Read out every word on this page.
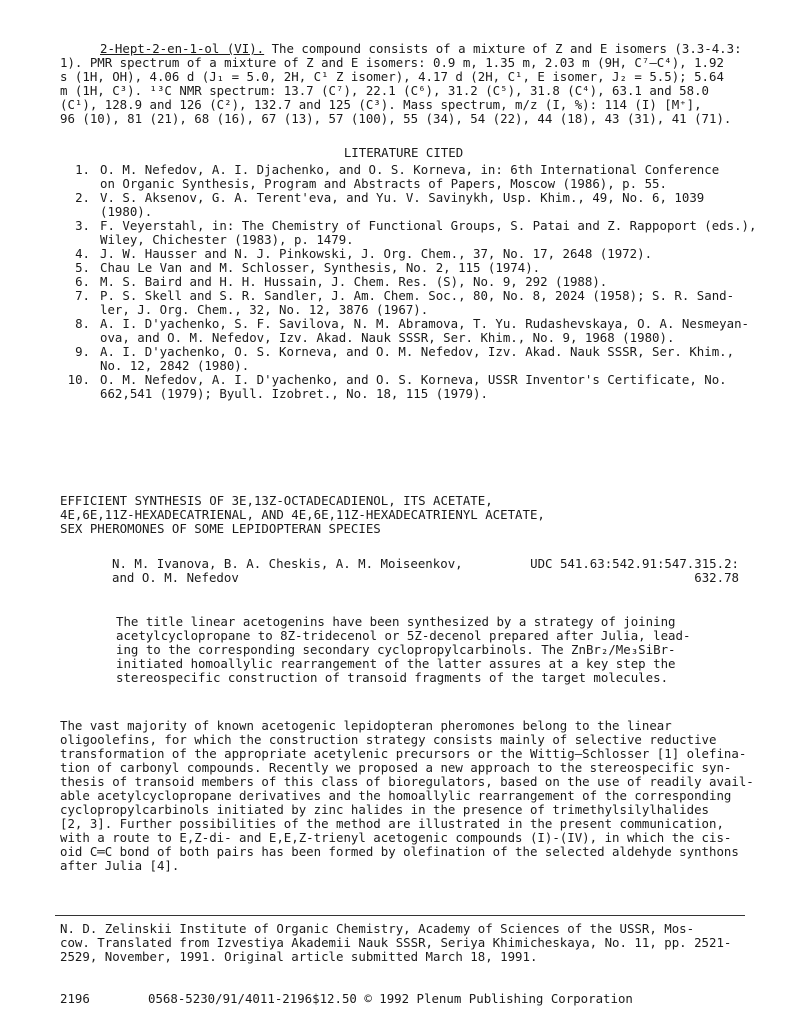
2-Hept-2-en-1-ol (VI). The compound consists of a mixture of Z and E isomers (3.3-4.3:
1). PMR spectrum of a mixture of Z and E isomers: 0.9 m, 1.35 m, 2.03 m (9H, C⁷—C⁴), 1.92
s (1H, OH), 4.06 d (J₁ = 5.0, 2H, C¹ Z isomer), 4.17 d (2H, C¹, E isomer, J₂ = 5.5); 5.64
m (1H, C³). ¹³C NMR spectrum: 13.7 (C⁷), 22.1 (C⁶), 31.2 (C⁵), 31.8 (C⁴), 63.1 and 58.0
(C¹), 128.9 and 126 (C²), 132.7 and 125 (C³). Mass spectrum, m/z (I, %): 114 (I) [M⁺],
96 (10), 81 (21), 68 (16), 67 (13), 57 (100), 55 (34), 54 (22), 44 (18), 43 (31), 41 (71).
LITERATURE CITED
1. O. M. Nefedov, A. I. Djachenko, and O. S. Korneva, in: 6th International Conference
on Organic Synthesis, Program and Abstracts of Papers, Moscow (1986), p. 55.
2. V. S. Aksenov, G. A. Terent'eva, and Yu. V. Savinykh, Usp. Khim., 49, No. 6, 1039
(1980).
3. F. Veyerstahl, in: The Chemistry of Functional Groups, S. Patai and Z. Rappoport (eds.),
Wiley, Chichester (1983), p. 1479.
4. J. W. Hausser and N. J. Pinkowski, J. Org. Chem., 37, No. 17, 2648 (1972).
5. Chau Le Van and M. Schlosser, Synthesis, No. 2, 115 (1974).
6. M. S. Baird and H. H. Hussain, J. Chem. Res. (S), No. 9, 292 (1988).
7. P. S. Skell and S. R. Sandler, J. Am. Chem. Soc., 80, No. 8, 2024 (1958); S. R. Sand-
ler, J. Org. Chem., 32, No. 12, 3876 (1967).
8. A. I. D'yachenko, S. F. Savilova, N. M. Abramova, T. Yu. Rudashevskaya, O. A. Nesmeyan-
ova, and O. M. Nefedov, Izv. Akad. Nauk SSSR, Ser. Khim., No. 9, 1968 (1980).
9. A. I. D'yachenko, O. S. Korneva, and O. M. Nefedov, Izv. Akad. Nauk SSSR, Ser. Khim.,
No. 12, 2842 (1980).
10. O. M. Nefedov, A. I. D'yachenko, and O. S. Korneva, USSR Inventor's Certificate, No.
662,541 (1979); Byull. Izobret., No. 18, 115 (1979).
EFFICIENT SYNTHESIS OF 3E,13Z-OCTADECADIENOL, ITS ACETATE,
4E,6E,11Z-HEXADECATRIENAL, AND 4E,6E,11Z-HEXADECATRIENYL ACETATE,
SEX PHEROMONES OF SOME LEPIDOPTERAN SPECIES
N. M. Ivanova, B. A. Cheskis, A. M. Moiseenkov,
and O. M. Nefedov
UDC 541.63:542.91:547.315.2:
632.78
The title linear acetogenins have been synthesized by a strategy of joining
acetylcyclopropane to 8Z-tridecenol or 5Z-decenol prepared after Julia, lead-
ing to the corresponding secondary cyclopropylcarbinols. The ZnBr₂/Me₃SiBr-
initiated homoallylic rearrangement of the latter assures at a key step the
stereospecific construction of transoid fragments of the target molecules.
The vast majority of known acetogenic lepidopteran pheromones belong to the linear
oligoolefins, for which the construction strategy consists mainly of selective reductive
transformation of the appropriate acetylenic precursors or the Wittig—Schlosser [1] olefina-
tion of carbonyl compounds. Recently we proposed a new approach to the stereospecific syn-
thesis of transoid members of this class of bioregulators, based on the use of readily avail-
able acetylcyclopropane derivatives and the homoallylic rearrangement of the corresponding
cyclopropylcarbinols initiated by zinc halides in the presence of trimethylsilylhalides
[2, 3]. Further possibilities of the method are illustrated in the present communication,
with a route to E,Z-di- and E,E,Z-trienyl acetogenic compounds (I)-(IV), in which the cis-
oid C═C bond of both pairs has been formed by olefination of the selected aldehyde synthons
after Julia [4].
N. D. Zelinskii Institute of Organic Chemistry, Academy of Sciences of the USSR, Mos-
cow. Translated from Izvestiya Akademii Nauk SSSR, Seriya Khimicheskaya, No. 11, pp. 2521-
2529, November, 1991. Original article submitted March 18, 1991.
2196	0568-5230/91/4011-2196$12.50 © 1992 Plenum Publishing Corporation
